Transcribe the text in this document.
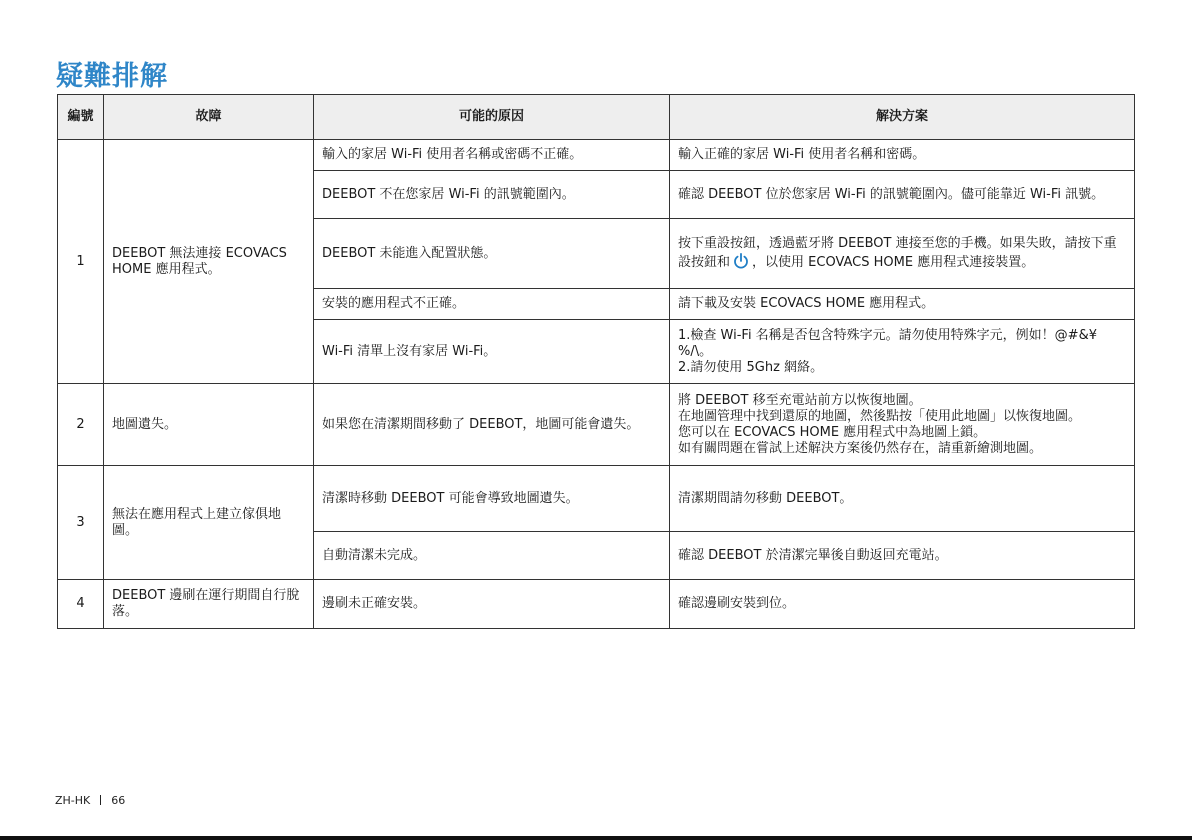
疑難排解
編號	故障	可能的原因	解決方案
1	DEEBOT 無法連接 ECOVACS HOME 應用程式。	輸入的家居 Wi-Fi 使用者名稱或密碼不正確。	輸入正確的家居 Wi-Fi 使用者名稱和密碼。
		DEEBOT 不在您家居 Wi-Fi 的訊號範圍內。	確認 DEEBOT 位於您家居 Wi-Fi 的訊號範圍內。儘可能靠近 Wi-Fi 訊號。
		DEEBOT 未能進入配置狀態。	按下重設按鈕，透過藍牙將 DEEBOT 連接至您的手機。如果失敗，請按下重設按鈕和 ，以使用 ECOVACS HOME 應用程式連接裝置。
		安裝的應用程式不正確。	請下載及安裝 ECOVACS HOME 應用程式。
		Wi-Fi 清單上沒有家居 Wi-Fi。	1.檢查 Wi-Fi 名稱是否包含特殊字元。請勿使用特殊字元，例如！@#&¥%/\。
2.請勿使用 5Ghz 網絡。
2	地圖遺失。	如果您在清潔期間移動了 DEEBOT，地圖可能會遺失。	將 DEEBOT 移至充電站前方以恢復地圖。
在地圖管理中找到還原的地圖，然後點按「使用此地圖」以恢復地圖。
您可以在 ECOVACS HOME 應用程式中為地圖上鎖。
如有關問題在嘗試上述解決方案後仍然存在，請重新繪測地圖。
3	無法在應用程式上建立傢俱地圖。	清潔時移動 DEEBOT 可能會導致地圖遺失。	清潔期間請勿移動 DEEBOT。
		自動清潔未完成。	確認 DEEBOT 於清潔完畢後自動返回充電站。
4	DEEBOT 邊刷在運行期間自行脫落。	邊刷未正確安裝。	確認邊刷安裝到位。
ZH-HK 66
